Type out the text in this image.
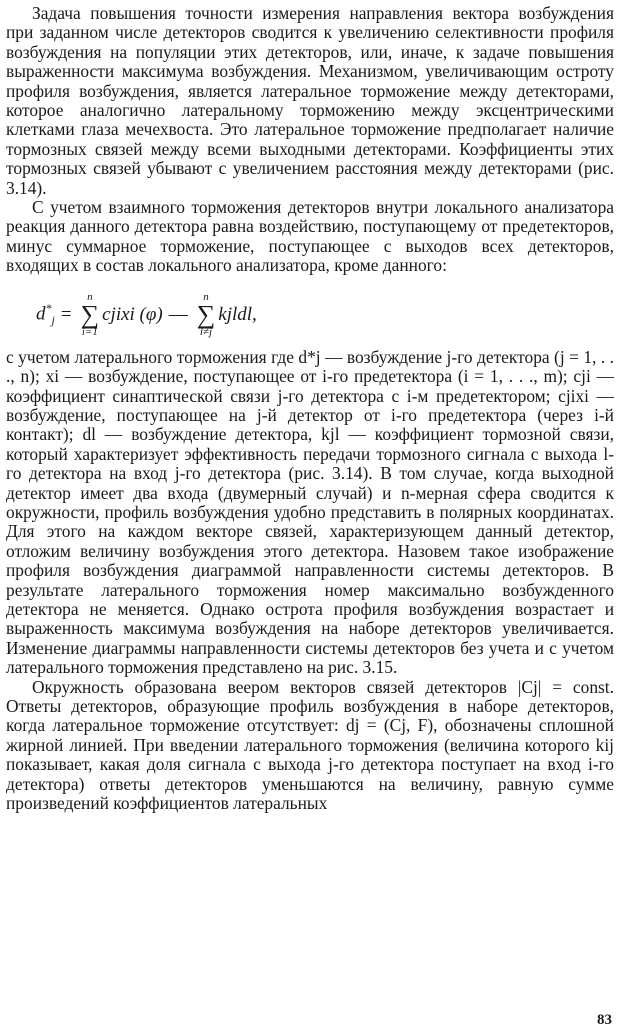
Задача повышения точности измерения направления вектора возбуждения при заданном числе детекторов сводится к увеличению селективности профиля возбуждения на популяции этих детекторов, или, иначе, к задаче повышения выраженности максимума возбуждения. Механизмом, увеличивающим остроту профиля возбуждения, является латеральное торможение между детекторами, которое аналогично латеральному торможению между эксцентрическими клетками глаза мечехвоста. Это латеральное торможение предполагает наличие тормозных связей между всеми выходными детекторами. Коэффициенты этих тормозных связей убывают с увеличением расстояния между детекторами (рис. 3.14).

С учетом взаимного торможения детекторов внутри локального анализатора реакция данного детектора равна воздействию, поступающему от предетекторов, минус суммарное торможение, поступающее с выходов всех детекторов, входящих в состав локального анализатора, кроме данного:

$d^*_j$ =
n
∑
i=1
cjixi (φ) —
n
∑
l≠j
kjldl,

с учетом латерального торможения где d*j — возбуждение j-го детектора (j = 1, . . ., n); xi — возбуждение, поступающее от i-го предетектора (i = 1, . . ., m); cji — коэффициент синаптической связи j-го детектора с i-м предетектором; cjixi — возбуждение, поступающее на j-й детектор от i-го предетектора (через i-й контакт); dl — возбуждение детектора, kjl — коэффициент тормозной связи, который характеризует эффективность передачи тормозного сигнала с выхода l-го детектора на вход j-го детектора (рис. 3.14). В том случае, когда выходной детектор имеет два входа (двумерный случай) и n-мерная сфера сводится к окружности, профиль возбуждения удобно представить в полярных координатах. Для этого на каждом векторе связей, характеризующем данный детектор, отложим величину возбуждения этого детектора. Назовем такое изображение профиля возбуждения диаграммой направленности системы детекторов. В результате латерального торможения номер максимально возбужденного детектора не меняется. Однако острота профиля возбуждения возрастает и выраженность максимума возбуждения на наборе детекторов увеличивается. Изменение диаграммы направленности системы детекторов без учета и с учетом латерального торможения представлено на рис. 3.15.

Окружность образована веером векторов связей детекторов |Cj| = const. Ответы детекторов, образующие профиль возбуждения в наборе детекторов, когда латеральное торможение отсутствует: dj = (Cj, F), обозначены сплошной жирной линией. При введении латерального торможения (величина которого kij показывает, какая доля сигнала с выхода j-го детектора поступает на вход i-го детектора) ответы детекторов уменьшаются на величину, равную сумме произведений коэффициентов латеральных

83
